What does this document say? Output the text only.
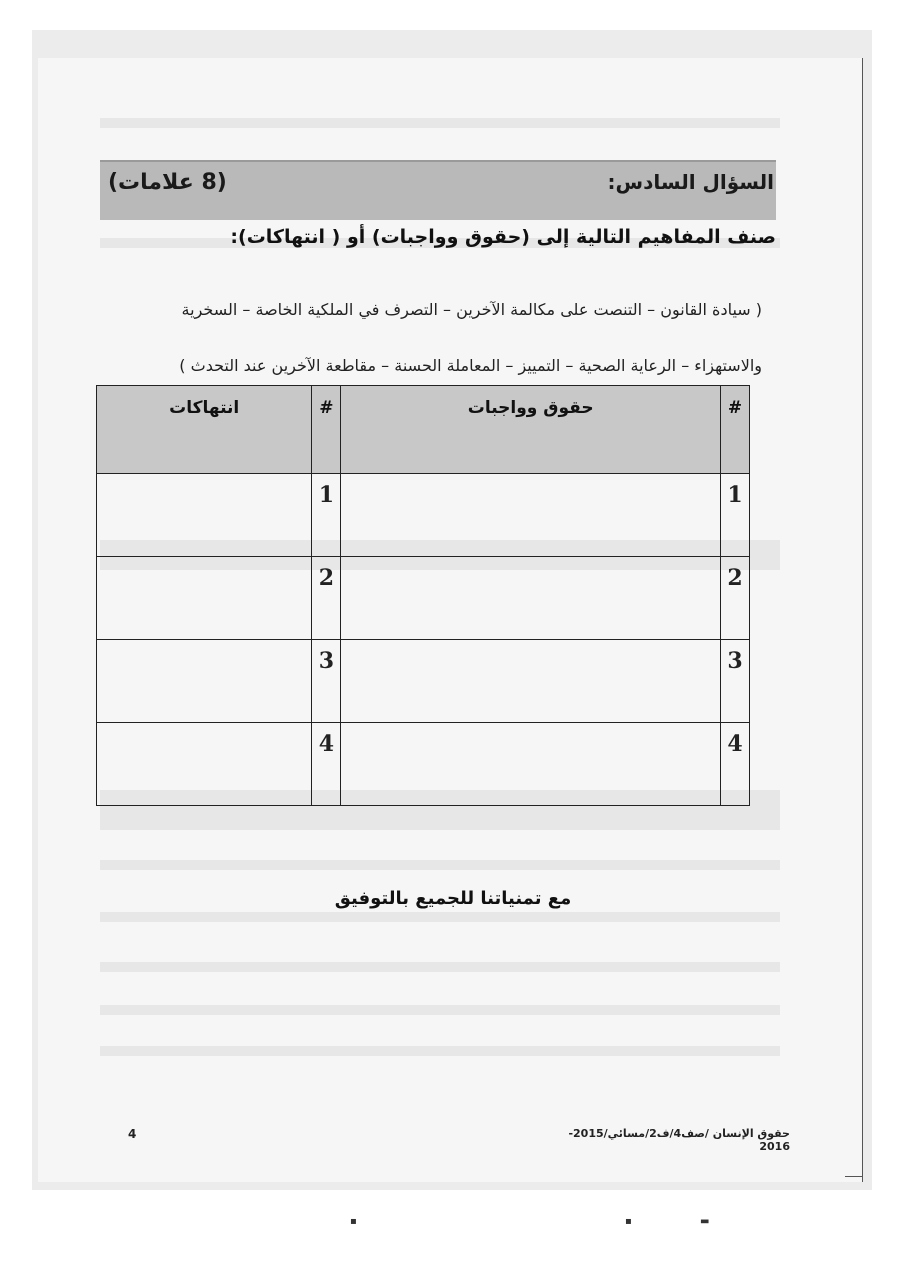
السؤال السادس:
(8 علامات)
صنف المفاهيم التالية إلى (حقوق وواجبات) أو ( انتهاكات):
( سيادة القانون – التنصت على مكالمة الآخرين – التصرف في الملكية الخاصة – السخرية
والاستهزاء – الرعاية الصحية – التمييز – المعاملة الحسنة – مقاطعة الآخرين عند التحدث )
#	حقوق وواجبات	#	انتهاكات
1		1	
2		2	
3		3	
4		4	
مع تمنياتنا للجميع بالتوفيق
4	حقوق الإنسان /صف4/ف2/مسائي/2015-2016
▪	▪	▬
